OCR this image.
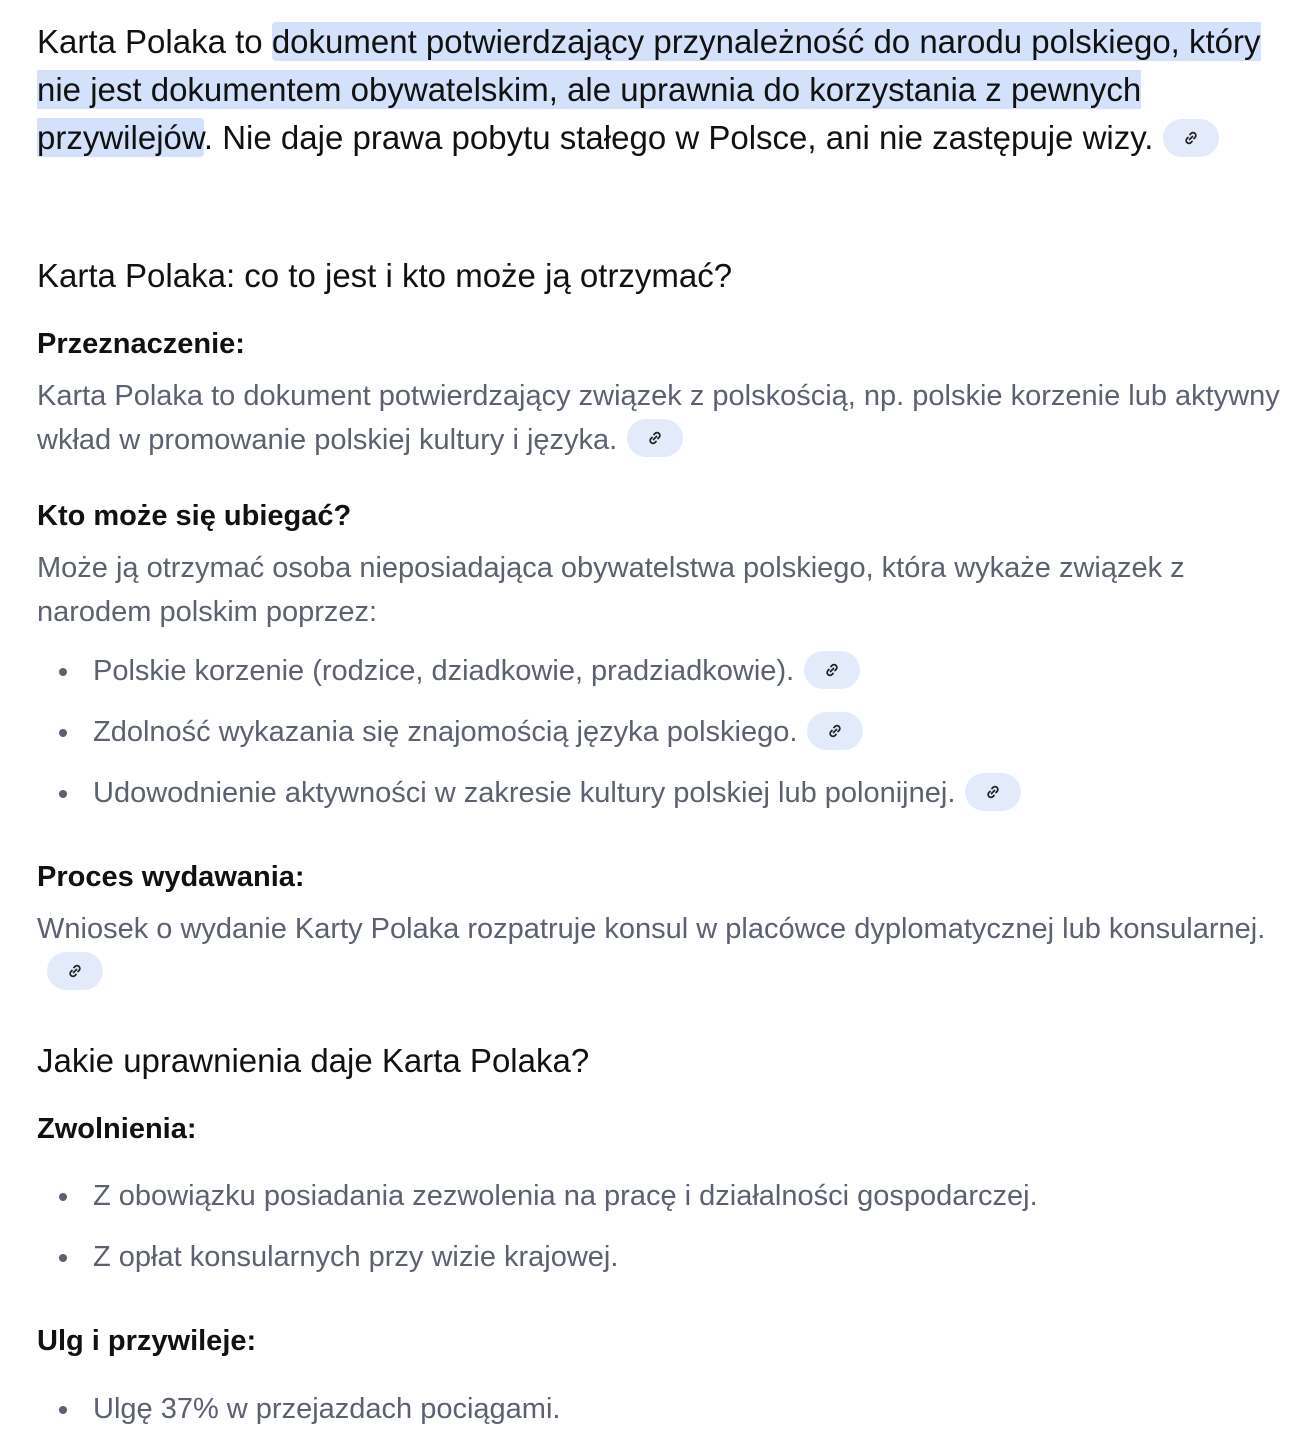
Karta Polaka to dokument potwierdzający przynależność do narodu polskiego, który nie jest dokumentem obywatelskim, ale uprawnia do korzystania z pewnych przywilejów. Nie daje prawa pobytu stałego w Polsce, ani nie zastępuje wizy.

Karta Polaka: co to jest i kto może ją otrzymać?
Przeznaczenie:

Karta Polaka to dokument potwierdzający związek z polskością, np. polskie korzenie lub aktywny wkład w promowanie polskiej kultury i języka.

Kto może się ubiegać?

Może ją otrzymać osoba nieposiadająca obywatelstwa polskiego, która wykaże związek z narodem polskim poprzez:

Polskie korzenie (rodzice, dziadkowie, pradziadkowie).
Zdolność wykazania się znajomością języka polskiego.
Udowodnienie aktywności w zakresie kultury polskiej lub polonijnej.
Proces wydawania:

Wniosek o wydanie Karty Polaka rozpatruje konsul w placówce dyplomatycznej lub konsularnej.

Jakie uprawnienia daje Karta Polaka?
Zwolnienia:
Z obowiązku posiadania zezwolenia na pracę i działalności gospodarczej.
Z opłat konsularnych przy wizie krajowej.
Ulg i przywileje:
Ulgę 37% w przejazdach pociągami.
